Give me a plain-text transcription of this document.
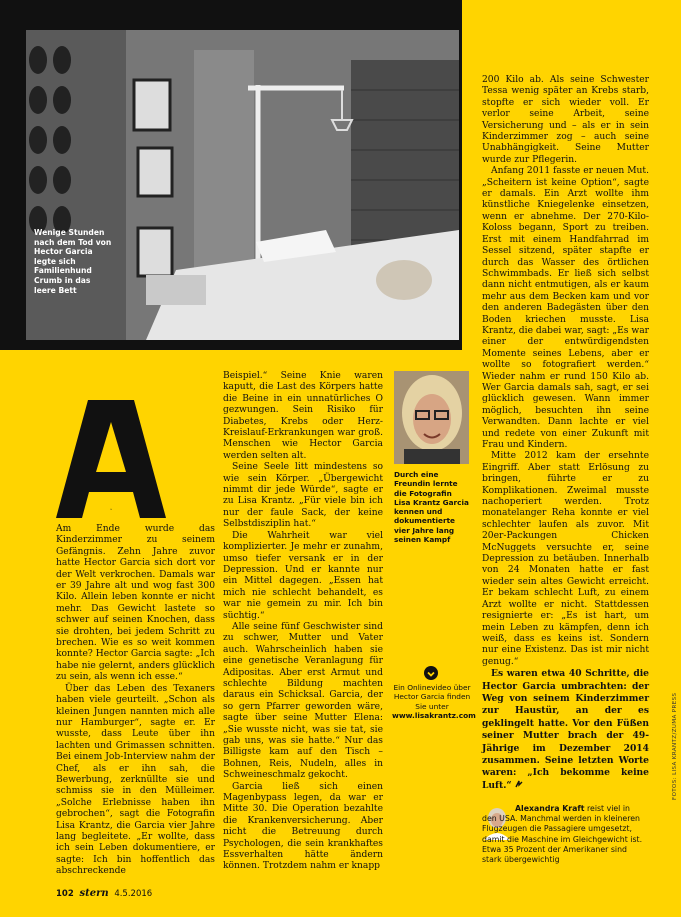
Wenige Stunden nach dem Tod von Hector Garcia legte sich Familienhund Crumb in das leere Bett
A

Am Ende wurde das Kinderzimmer zu seinem Gefängnis. Zehn Jahre zuvor hatte Hector Garcia sich dort vor der Welt verkrochen. Damals war er 39 Jahre alt und wog fast 300 Kilo. Allein leben konnte er nicht mehr. Das Gewicht lastete so schwer auf seinen Knochen, dass sie drohten, bei jedem Schritt zu brechen. Wie es so weit kommen konnte? Hector Garcia sagte: „Ich habe nie gelernt, anders glücklich zu sein, als wenn ich esse.“

Über das Leben des Texaners haben viele geurteilt. „Schon als kleinen Jungen nannten mich alle nur Hamburger“, sagte er. Er wusste, dass Leute über ihn lachten und Grimassen schnitten. Bei einem Job-Interview nahm der Chef, als er ihn sah, die Bewerbung, zerknüllte sie und schmiss sie in den Mülleimer. „Solche Erlebnisse haben ihn gebrochen“, sagt die Fotografin Lisa Krantz, die Garcia vier Jahre lang begleitete. „Er wollte, dass ich sein Leben dokumentiere, er sagte: Ich bin hoffentlich das abschreckende

Beispiel.“ Seine Knie waren kaputt, die Last des Körpers hatte die Beine in ein unnatürliches O gezwungen. Sein Risiko für Diabetes, Krebs oder Herz-Kreislauf-Erkrankungen war groß. Menschen wie Hector Garcia werden selten alt.

Seine Seele litt mindestens so wie sein Körper. „Übergewicht nimmt dir jede Würde“, sagte er zu Lisa Krantz. „Für viele bin ich nur der faule Sack, der keine Selbstdisziplin hat.“

Die Wahrheit war viel komplizierter. Je mehr er zunahm, umso tiefer versank er in der Depression. Und er kannte nur ein Mittel dagegen. „Essen hat mich nie schlecht behandelt, es war nie gemein zu mir. Ich bin süchtig.“

Alle seine fünf Geschwister sind zu schwer, Mutter und Vater auch. Wahrscheinlich haben sie eine genetische Veranlagung für Adipositas. Aber erst Armut und schlechte Bildung machten daraus ein Schicksal. Garcia, der so gern Pfarrer geworden wäre, sagte über seine Mutter Elena: „Sie wusste nicht, was sie tat, sie gab uns, was sie hatte.“ Nur das Billigste kam auf den Tisch – Bohnen, Reis, Nudeln, alles in Schweineschmalz gekocht.

Garcia ließ sich einen Magenbypass legen, da war er Mitte 30. Die Operation bezahlte die Krankenversicherung. Aber nicht die Betreuung durch Psychologen, die sein krankhaftes Essverhalten hätte ändern können. Trotzdem nahm er knapp

Durch eine Freundin lernte die Fotografin Lisa Krantz Garcia kennen und dokumentierte vier Jahre lang seinen Kampf
Ein Onlinevideo über Hector Garcia finden Sie unter
www.lisakrantz.com

200 Kilo ab. Als seine Schwester Tessa wenig später an Krebs starb, stopfte er sich wieder voll. Er verlor seine Arbeit, seine Versicherung und – als er in sein Kinderzimmer zog – auch seine Unabhängigkeit. Seine Mutter wurde zur Pflegerin.

Anfang 2011 fasste er neuen Mut. „Scheitern ist keine Option“, sagte er damals. Ein Arzt wollte ihm künstliche Kniegelenke einsetzen, wenn er abnehme. Der 270-Kilo-Koloss begann, Sport zu treiben. Erst mit einem Handfahrrad im Sessel sitzend, später stapfte er durch das Wasser des örtlichen Schwimmbads. Er ließ sich selbst dann nicht entmutigen, als er kaum mehr aus dem Becken kam und vor den anderen Badegästen über den Boden kriechen musste. Lisa Krantz, die dabei war, sagt: „Es war einer der entwürdigendsten Momente seines Lebens, aber er wollte so fotografiert werden.“ Wieder nahm er rund 150 Kilo ab. Wer Garcia damals sah, sagt, er sei glücklich gewesen. Wann immer möglich, besuchten ihn seine Verwandten. Dann lachte er viel und redete von einer Zukunft mit Frau und Kindern.

Mitte 2012 kam der ersehnte Eingriff. Aber statt Erlösung zu bringen, führte er zu Komplikationen. Zweimal musste nachoperiert werden. Trotz monatelanger Reha konnte er viel schlechter laufen als zuvor. Mit 20er-Packungen Chicken McNuggets versuchte er, seine Depression zu betäuben. Innerhalb von 24 Monaten hatte er fast wieder sein altes Gewicht erreicht. Er bekam schlecht Luft, zu einem Arzt wollte er nicht. Stattdessen resignierte er: „Es ist hart, um mein Leben zu kämpfen, denn ich weiß, dass es keins ist. Sondern nur eine Existenz. Das ist mir nicht genug.“

Es waren etwa 40 Schritte, die Hector Garcia umbrachten: der Weg von seinem Kinderzimmer zur Haustür, an der es geklingelt hatte. Vor den Füßen seiner Mutter brach der 49-Jährige im Dezember 2014 zusammen. Seine letzten Worte waren: „Ich bekomme keine Luft.“

Alexandra Kraft reist viel in den USA. Manchmal werden in kleineren Flugzeugen die Passagiere umgesetzt, damit die Maschine im Gleichgewicht ist. Etwa 35 Prozent der Amerikaner sind stark übergewichtig
102 stern 4.5.2016
FOTOS: LISA KRANTZ/ZUMA PRESS
